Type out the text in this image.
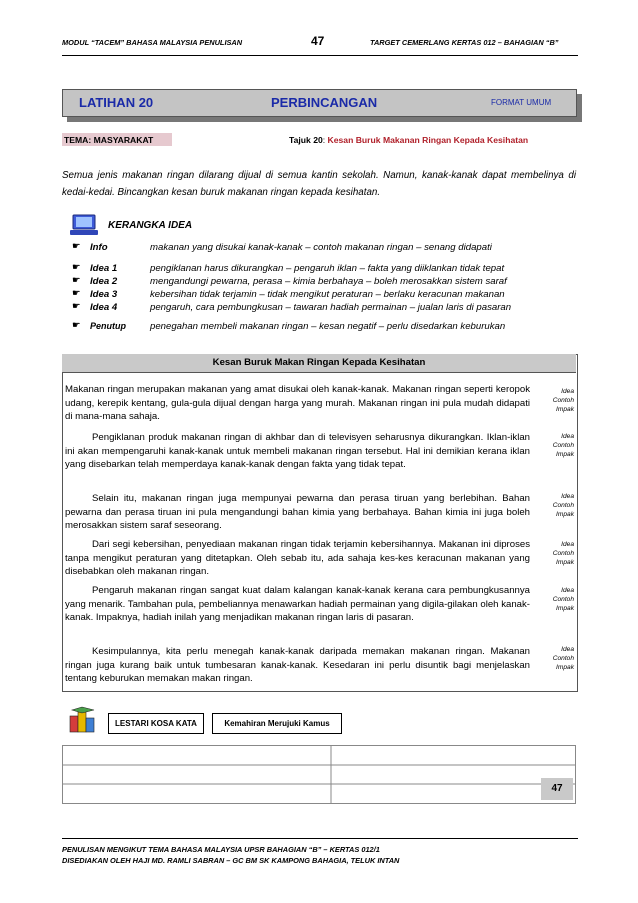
MODUL “TACEM” BAHASA MALAYSIA PENULISAN	47	TARGET CEMERLANG KERTAS 012 – BAHAGIAN “B”
LATIHAN 20	PERBINCANGAN	FORMAT UMUM
TEMA: MASYARAKAT	Tajuk 20: Kesan Buruk Makanan Ringan Kepada Kesihatan
Semua jenis makanan ringan dilarang dijual di semua kantin sekolah. Namun, kanak-kanak dapat membelinya di kedai-kedai. Bincangkan kesan buruk makanan ringan kepada kesihatan.
KERANGKA IDEA
☛ Info	makanan yang disukai kanak-kanak – contoh makanan ringan – senang didapati
☛ Idea 1	pengiklanan harus dikurangkan – pengaruh iklan – fakta yang diiklankan tidak tepat
☛ Idea 2	mengandungi pewarna, perasa – kimia berbahaya – boleh merosakkan sistem saraf
☛ Idea 3	kebersihan tidak terjamin – tidak mengikut peraturan – berlaku keracunan makanan
☛ Idea 4	pengaruh, cara pembungkusan – tawaran hadiah permainan – jualan laris di pasaran
☛ Penutup	penegahan membeli makanan ringan – kesan negatif – perlu disedarkan keburukan
Kesan Buruk Makan Ringan Kepada Kesihatan
Makanan ringan merupakan makanan yang amat disukai oleh kanak-kanak. Makanan ringan seperti keropok udang, kerepik kentang, gula-gula dijual dengan harga yang murah. Makanan ringan ini pula mudah didapati di mana-mana sahaja.
Pengiklanan produk makanan ringan di akhbar dan di televisyen seharusnya dikurangkan. Iklan-iklan ini akan mempengaruhi kanak-kanak untuk membeli makanan ringan tersebut. Hal ini demikian kerana iklan yang disebarkan telah memperdaya kanak-kanak dengan fakta yang tidak tepat.
Selain itu, makanan ringan juga mempunyai pewarna dan perasa tiruan yang berlebihan. Bahan pewarna dan perasa tiruan ini pula mengandungi bahan kimia yang berbahaya. Bahan kimia ini juga boleh merosakkan sistem saraf seseorang.
Dari segi kebersihan, penyediaan makanan ringan tidak terjamin kebersihannya. Makanan ini diproses tanpa mengikut peraturan yang ditetapkan. Oleh sebab itu, ada sahaja kes-kes keracunan makanan yang disebabkan oleh makanan ringan.
Pengaruh makanan ringan sangat kuat dalam kalangan kanak-kanak kerana cara pembungkusannya yang menarik. Tambahan pula, pembeliannya menawarkan hadiah permainan yang digila-gilakan oleh kanak-kanak. Impaknya, hadiah inilah yang menjadikan makanan ringan laris di pasaran.
Kesimpulannya, kita perlu menegah kanak-kanak daripada memakan makanan ringan. Makanan ringan juga kurang baik untuk tumbesaran kanak-kanak. Kesedaran ini perlu disuntik bagi menjelaskan tentang keburukan memakan makan ringan.
Idea
Contoh
Impak
Idea
Contoh
Impak
Idea
Contoh
Impak
Idea
Contoh
Impak
Idea
Contoh
Impak
Idea
Contoh
Impak
LESTARI KOSA KATA	Kemahiran Merujuki Kamus
47
PENULISAN MENGIKUT TEMA BAHASA MALAYSIA UPSR BAHAGIAN “B” – KERTAS 012/1
DISEDIAKAN OLEH HAJI MD. RAMLI SABRAN – GC BM SK KAMPONG BAHAGIA, TELUK INTAN
